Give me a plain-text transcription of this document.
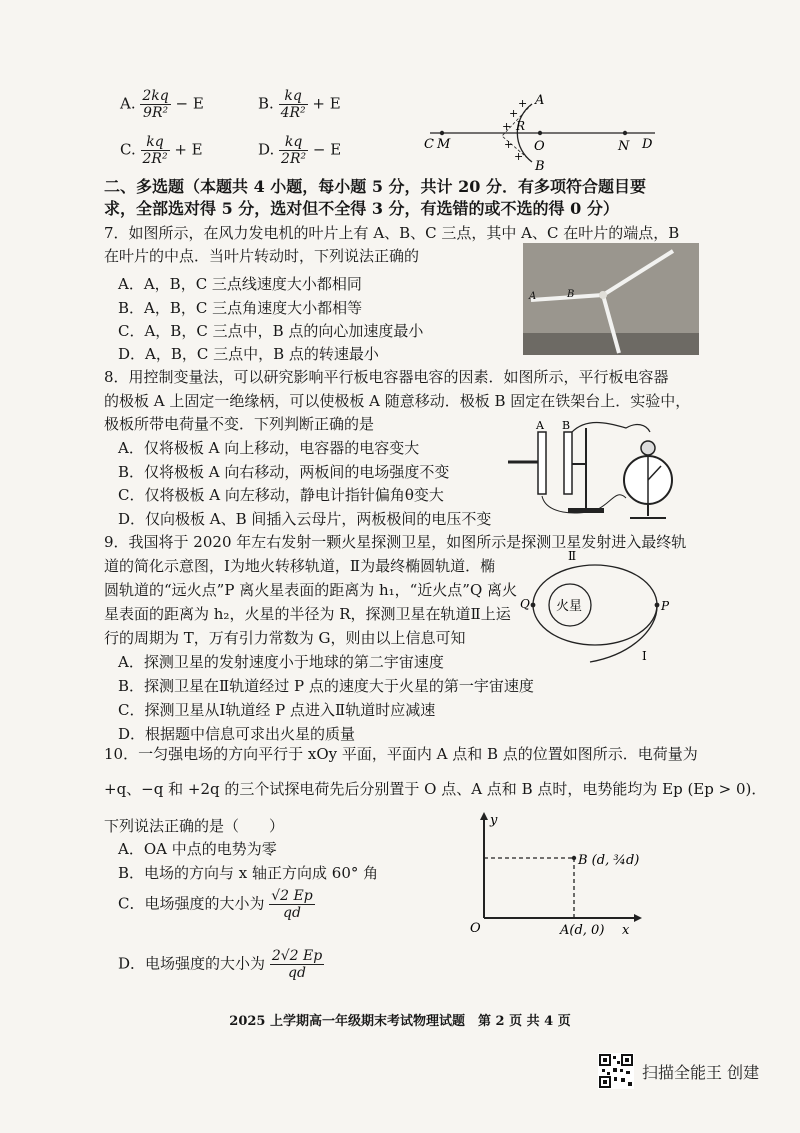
A. $\frac{2kq}{\text{9R²}} - E$	B. $\frac{kq}{\text{4R²}} + E$
C. $\frac{kq}{\text{2R²}} + E$	D. $\frac{kq}{\text{2R²}} - E$
+
+
+
+
+
C M	O	N D
A
B
R
二、多选题（本题共 4 小题，每小题 5 分，共计 20 分．有多项符合题目要
求，全部选对得 5 分，选对但不全得 3 分，有选错的或不选的得 0 分）
7．如图所示，在风力发电机的叶片上有 A、B、C 三点，其中 A、C 在叶片的端点，B
在叶片的中点．当叶片转动时，下列说法正确的
A．A，B，C 三点线速度大小都相同
B．A，B，C 三点角速度大小都相等
C．A，B，C 三点中，B 点的向心加速度最小
D．A，B，C 三点中，B 点的转速最小
A	B
8．用控制变量法，可以研究影响平行板电容器电容的因素．如图所示，平行板电容器
的极板 A 上固定一绝缘柄，可以使极板 A 随意移动．极板 B 固定在铁架台上．实验中，
极板所带电荷量不变．下列判断正确的是
A．仅将极板 A 向上移动，电容器的电容变大
B．仅将极板 A 向右移动，两板间的电场强度不变
C．仅将极板 A 向左移动，静电计指针偏角θ变大
D．仅向极板 A、B 间插入云母片，两板极间的电压不变
A B
9．我国将于 2020 年左右发射一颗火星探测卫星，如图所示是探测卫星发射进入最终轨
道的简化示意图，Ⅰ为地火转移轨道，Ⅱ为最终椭圆轨道．椭
圆轨道的“远火点”P 离火星表面的距离为 h₁，“近火点”Q 离火
星表面的距离为 h₂，火星的半径为 R，探测卫星在轨道Ⅱ上运
行的周期为 T，万有引力常数为 G，则由以上信息可知
A．探测卫星的发射速度小于地球的第二宇宙速度
B．探测卫星在Ⅱ轨道经过 P 点的速度大于火星的第一宇宙速度
C．探测卫星从Ⅰ轨道经 P 点进入Ⅱ轨道时应减速
D．根据题中信息可求出火星的质量
火星
Ⅱ
Ⅰ
Q	P
10．一匀强电场的方向平行于 xOy 平面，平面内 A 点和 B 点的位置如图所示．电荷量为
+q、−q 和 +2q 的三个试探电荷先后分别置于 O 点、A 点和 B 点时，电势能均为 Ep (Ep > 0)．
下列说法正确的是（　　）
A．OA 中点的电势为零
B．电场的方向与 x 轴正方向成 60° 角
C．电场强度的大小为 $\frac{√2 Ep}{qd}$
D．电场强度的大小为 $\frac{2√2 Ep}{qd}$
y
x
O	A(d, 0)
B (d, ¾d)
2025 上学期高一年级期末考试物理试题　第 2 页 共 4 页
扫描全能王 创建
